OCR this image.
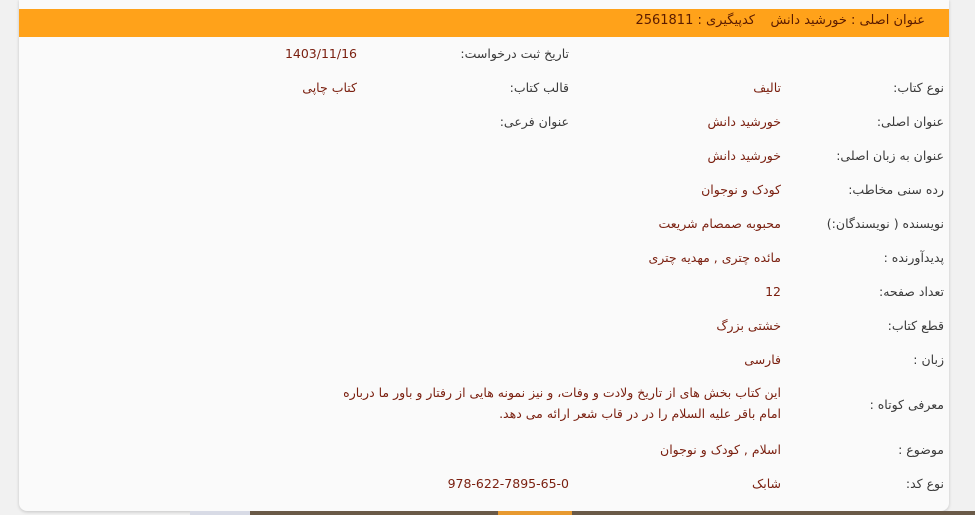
عنوان اصلی : خورشید دانش
کدپیگیری : 2561811
تاریخ ثبت درخواست:
1403/11/16
نوع کتاب:
تالیف
قالب کتاب:
کتاب چاپی
عنوان اصلی:
خورشید دانش
عنوان فرعی:
عنوان به زبان اصلی:
خورشید دانش
رده سنی مخاطب:
کودک و نوجوان
نویسنده ( نویسندگان:)
محبوبه صمصام شریعت
پدیدآورنده :
مائده چتری , مهدیه چتری
تعداد صفحه:
12
قطع کتاب:
خشتی بزرگ
زبان :
فارسی
معرفی کوتاه :
این کتاب بخش های از تاریخ ولادت و وفات، و نیز نمونه هایی از رفتار و باور ما درباره امام باقر علیه السلام را در در قاب شعر ارائه می دهد.
موضوع :
اسلام , کودک و نوجوان
نوع کد:
شابک
978-622-7895-65-0
